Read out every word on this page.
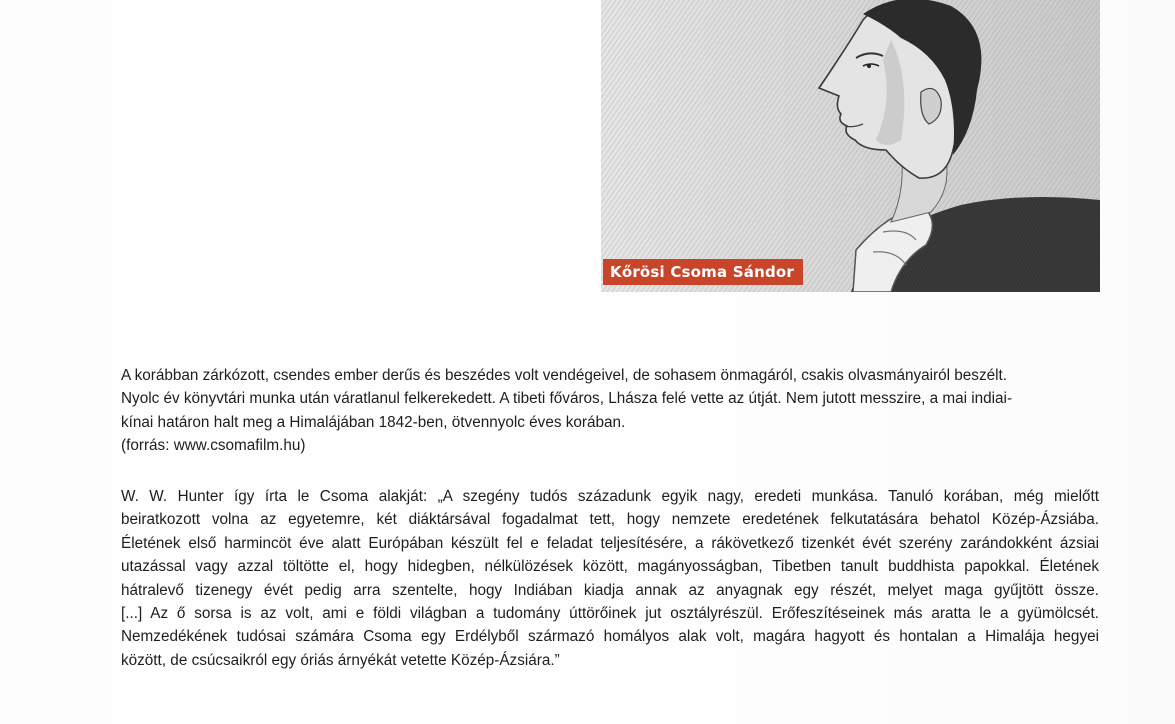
Kőrösi Csoma Sándor
A korábban zárkózott, csendes ember derűs és beszédes volt vendégeivel, de sohasem önmagáról, csakis olvasmányairól beszélt.
Nyolc év könyvtári munka után váratlanul felkerekedett. A tibeti főváros, Lhásza felé vette az útját. Nem jutott messzire, a mai indiai-
kínai határon halt meg a Himalájában 1842-ben, ötvennyolc éves korában.
(forrás: www.csomafilm.hu)
W. W. Hunter így írta le Csoma alakját: „A szegény tudós századunk egyik nagy, eredeti munkása. Tanuló korában, még mielőtt
beiratkozott volna az egyetemre, két diáktársával fogadalmat tett, hogy nemzete eredetének felkutatására behatol Közép-Ázsiába.
Életének első harmincöt éve alatt Európában készült fel e feladat teljesítésére, a rákövetkező tizenkét évét szerény zarándokként ázsiai
utazással vagy azzal töltötte el, hogy hidegben, nélkülözések között, magányosságban, Tibetben tanult buddhista papokkal. Életének
hátralevő tizenegy évét pedig arra szentelte, hogy Indiában kiadja annak az anyagnak egy részét, melyet maga gyűjtött össze.
[...] Az ő sorsa is az volt, ami e földi világban a tudomány úttörőinek jut osztályrészül. Erőfeszítéseinek más aratta le a gyümölcsét.
Nemzedékének tudósai számára Csoma egy Erdélyből származó homályos alak volt, magára hagyott és hontalan a Himalája hegyei
között, de csúcsaikról egy óriás árnyékát vetette Közép-Ázsiára.”
